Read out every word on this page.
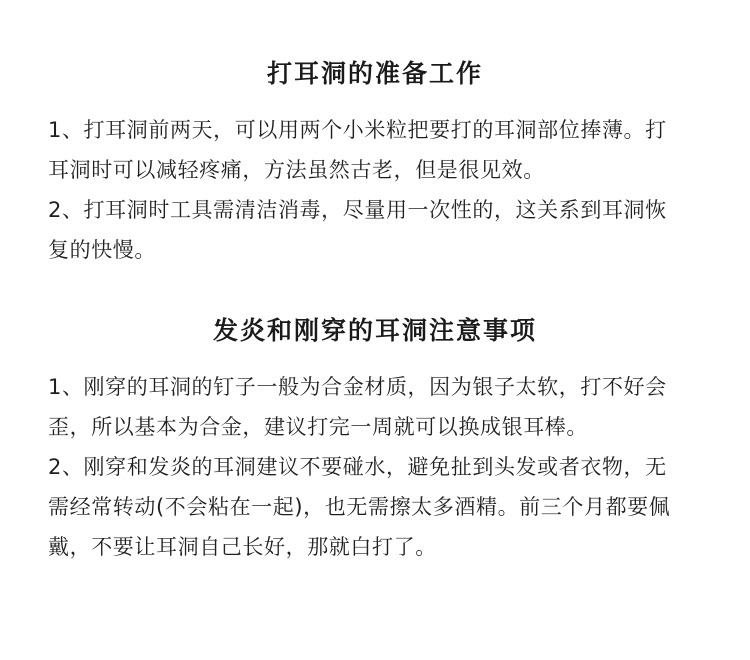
打耳洞的准备工作

1、打耳洞前两天，可以用两个小米粒把要打的耳洞部位捧薄。打
耳洞时可以减轻疼痛，方法虽然古老，但是很见效。

2、打耳洞时工具需清洁消毒，尽量用一次性的，这关系到耳洞恢
复的快慢。

发炎和刚穿的耳洞注意事项

1、刚穿的耳洞的钉子一般为合金材质，因为银子太软，打不好会
歪，所以基本为合金，建议打完一周就可以换成银耳棒。

2、刚穿和发炎的耳洞建议不要碰水，避免扯到头发或者衣物，无
需经常转动(不会粘在一起)，也无需擦太多酒精。前三个月都要佩
戴，不要让耳洞自己长好，那就白打了。
